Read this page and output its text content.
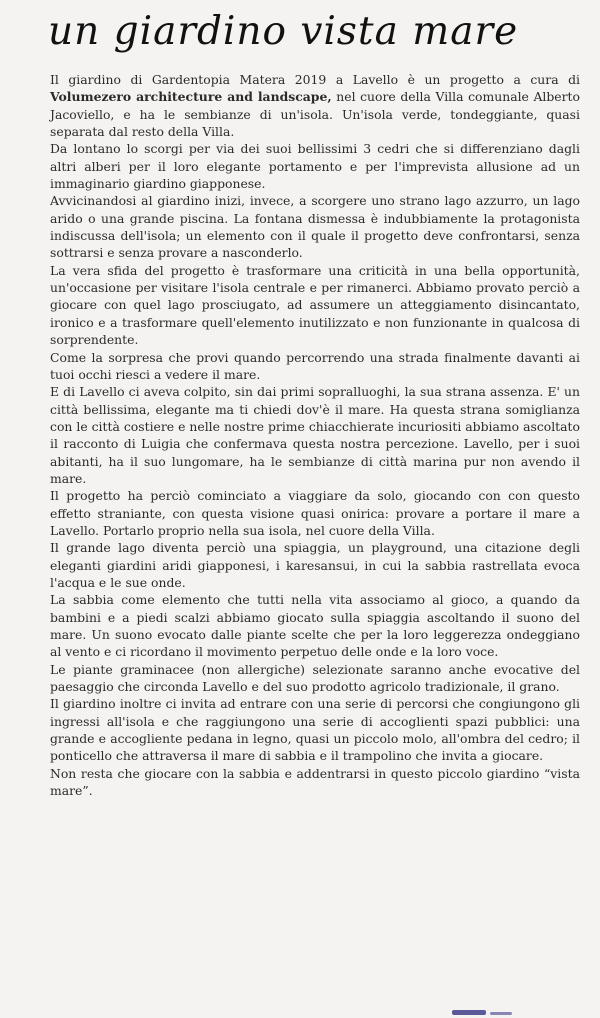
un giardino vista mare

Il giardino di Gardentopia Matera 2019 a Lavello è un progetto a cura di Volumezero architecture and landscape, nel cuore della Villa comunale Alberto Jacoviello, e ha le sembianze di un'isola. Un'isola verde, tondeggiante, quasi separata dal resto della Villa.

Da lontano lo scorgi per via dei suoi bellissimi 3 cedri che si differenziano dagli altri alberi per il loro elegante portamento e per l'imprevista allusione ad un immaginario giardino giapponese.

Avvicinandosi al giardino inizi, invece, a scorgere uno strano lago azzurro, un lago arido o una grande piscina. La fontana dismessa è indubbiamente la protagonista indiscussa dell'isola; un elemento con il quale il progetto deve confrontarsi, senza sottrarsi e senza provare a nasconderlo.

La vera sfida del progetto è trasformare una criticità in una bella opportunità, un'occasione per visitare l'isola centrale e per rimanerci. Abbiamo provato perciò a giocare con quel lago prosciugato, ad assumere un atteggiamento disincantato, ironico e a trasformare quell'elemento inutilizzato e non funzionante in qualcosa di sorprendente.

Come la sorpresa che provi quando percorrendo una strada finalmente davanti ai tuoi occhi riesci a vedere il mare.

E di Lavello ci aveva colpito, sin dai primi sopralluoghi, la sua strana assenza. E' un città bellissima, elegante ma ti chiedi dov'è il mare. Ha questa strana somiglianza con le città costiere e nelle nostre prime chiacchierate incuriositi abbiamo ascoltato il racconto di Luigia che confermava questa nostra percezione. Lavello, per i suoi abitanti, ha il suo lungomare, ha le sembianze di città marina pur non avendo il mare.

Il progetto ha perciò cominciato a viaggiare da solo, giocando con con questo effetto straniante, con questa visione quasi onirica: provare a portare il mare a Lavello. Portarlo proprio nella sua isola, nel cuore della Villa.

Il grande lago diventa perciò una spiaggia, un playground, una citazione degli eleganti giardini aridi giapponesi, i karesansui, in cui la sabbia rastrellata evoca l'acqua e le sue onde.

La sabbia come elemento che tutti nella vita associamo al gioco, a quando da bambini e a piedi scalzi abbiamo giocato sulla spiaggia ascoltando il suono del mare. Un suono evocato dalle piante scelte che per la loro leggerezza ondeggiano al vento e ci ricordano il movimento perpetuo delle onde e la loro voce.

Le piante graminacee (non allergiche) selezionate saranno anche evocative del paesaggio che circonda Lavello e del suo prodotto agricolo tradizionale, il grano.

Il giardino inoltre ci invita ad entrare con una serie di percorsi che congiungono gli ingressi all'isola e che raggiungono una serie di accoglienti spazi pubblici: una grande e accogliente pedana in legno, quasi un piccolo molo, all'ombra del cedro; il ponticello che attraversa il mare di sabbia e il trampolino che invita a giocare.

Non resta che giocare con la sabbia e addentrarsi in questo piccolo giardino “vista mare”.
